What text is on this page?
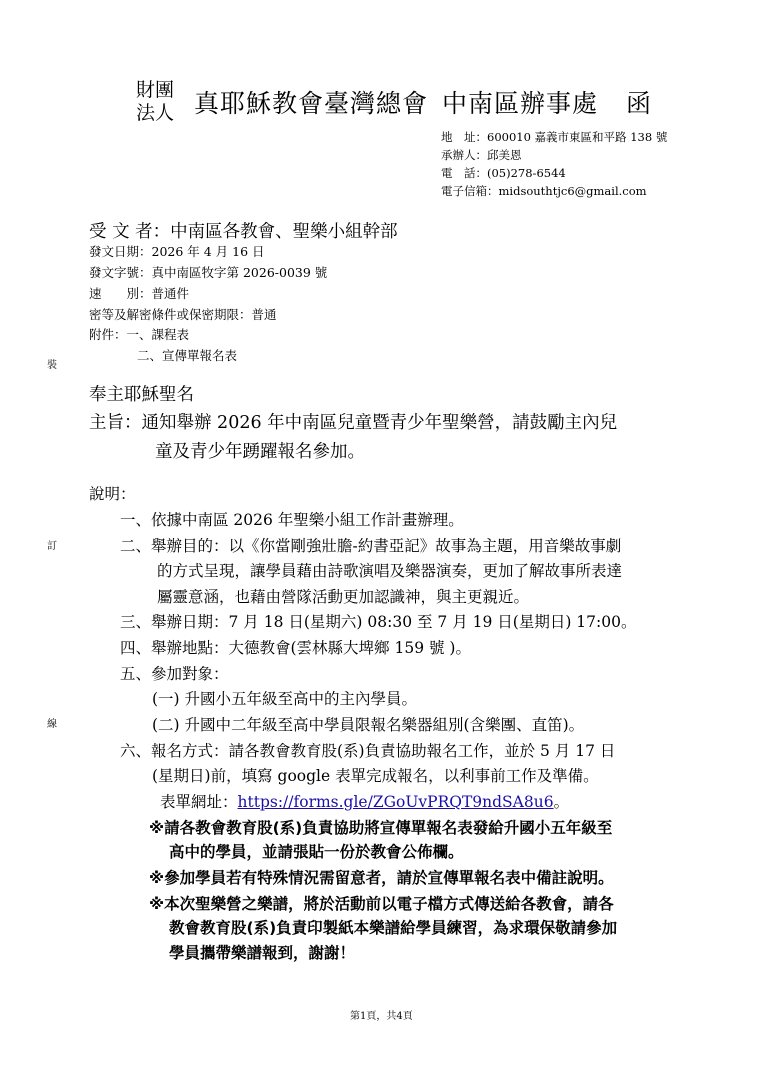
財團
法人 真耶穌教會臺灣總會 中南區辦事處 函
地　址：600010 嘉義市東區和平路 138 號
承辦人：邱美恩
電　話：(05)278-6544
電子信箱：midsouthtjc6@gmail.com
受 文 者：中南區各教會、聖樂小組幹部
發文日期：2026 年 4 月 16 日
發文字號：真中南區牧字第 2026-0039 號
速　　別：普通件
密等及解密條件或保密期限：普通
附件：一、課程表
二、宣傳單報名表
裝
訂
線
奉主耶穌聖名
主旨：通知舉辦 2026 年中南區兒童暨青少年聖樂營，請鼓勵主內兒
童及青少年踴躍報名參加。
說明：
一、依據中南區 2026 年聖樂小組工作計畫辦理。
二、舉辦目的：以《你當剛強壯膽-約書亞記》故事為主題，用音樂故事劇
的方式呈現，讓學員藉由詩歌演唱及樂器演奏，更加了解故事所表達
屬靈意涵，也藉由營隊活動更加認識神，與主更親近。
三、舉辦日期：7 月 18 日(星期六) 08:30 至 7 月 19 日(星期日) 17:00。
四、舉辦地點：大德教會(雲林縣大埤鄉 159 號 )。
五、參加對象：
(一) 升國小五年級至高中的主內學員。
(二) 升國中二年級至高中學員限報名樂器組別(含樂團、直笛)。
六、報名方式：請各教會教育股(系)負責協助報名工作，並於 5 月 17 日
(星期日)前，填寫 google 表單完成報名，以利事前工作及準備。
表單網址：https://forms.gle/ZGoUvPRQT9ndSA8u6。
※請各教會教育股(系)負責協助將宣傳單報名表發給升國小五年級至
高中的學員，並請張貼一份於教會公佈欄。
※參加學員若有特殊情況需留意者，請於宣傳單報名表中備註說明。
※本次聖樂營之樂譜，將於活動前以電子檔方式傳送給各教會，請各
教會教育股(系)負責印製紙本樂譜給學員練習，為求環保敬請參加
學員攜帶樂譜報到，謝謝！
第1頁，共4頁
